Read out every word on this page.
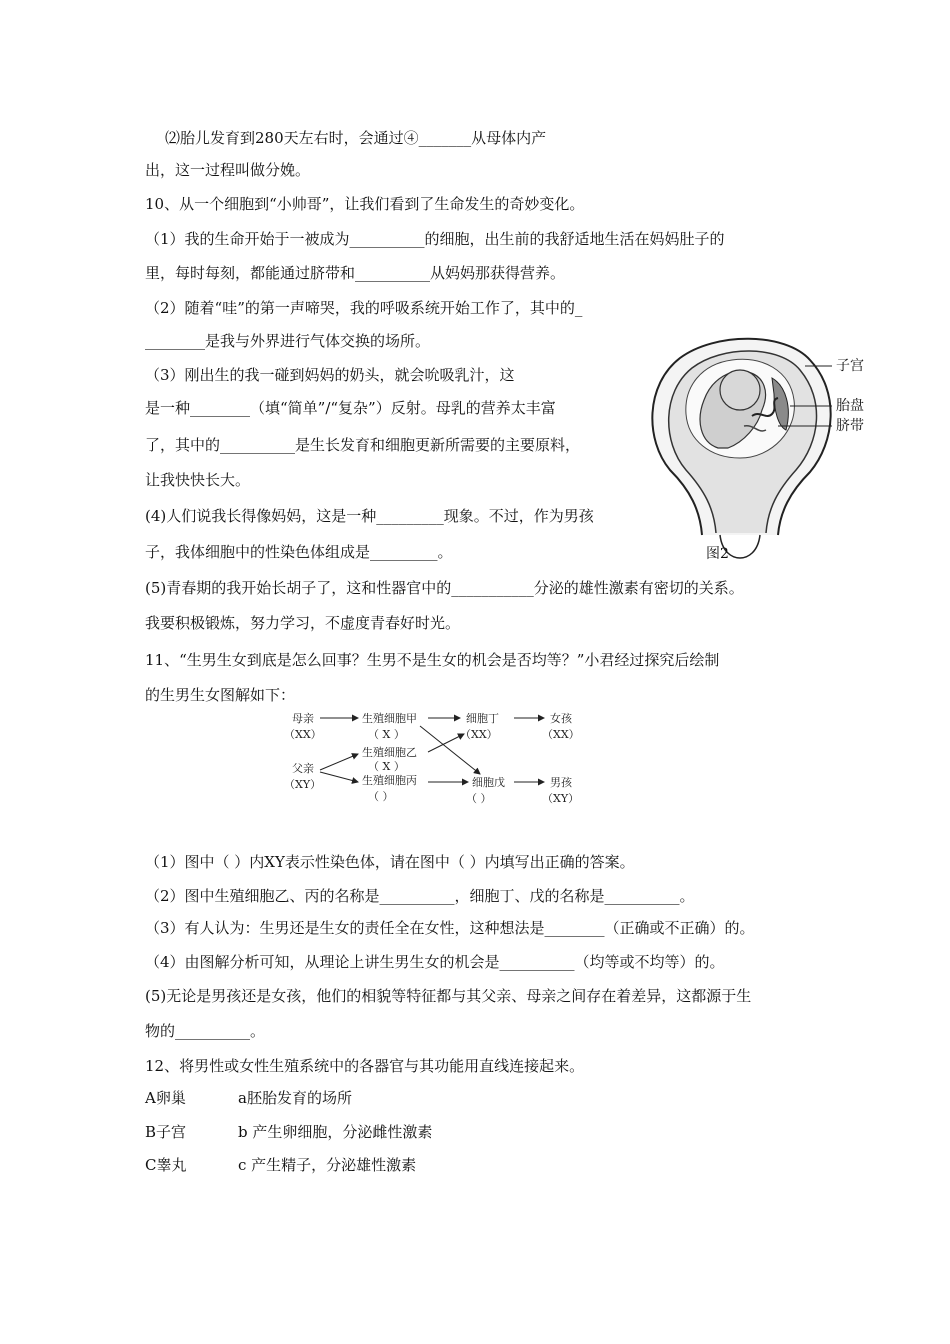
⑵胎儿发育到280天左右时，会通过④_______从母体内产
出，这一过程叫做分娩。
10、从一个细胞到“小帅哥”，让我们看到了生命发生的奇妙变化。
（1）我的生命开始于一被成为__________的细胞，出生前的我舒适地生活在妈妈肚子的
里，每时每刻，都能通过脐带和__________从妈妈那获得营养。
（2）随着“哇”的第一声啼哭，我的呼吸系统开始工作了，其中的_
________是我与外界进行气体交换的场所。
（3）刚出生的我一碰到妈妈的奶头，就会吮吸乳汁，这
是一种________（填“简单”/“复杂”）反射。母乳的营养太丰富
了，其中的__________是生长发育和细胞更新所需要的主要原料，
让我快快长大。
(4)人们说我长得像妈妈，这是一种_________现象。不过，作为男孩
子，我体细胞中的性染色体组成是_________。
(5)青春期的我开始长胡子了，这和性器官中的___________分泌的雄性激素有密切的关系。
我要积极锻炼，努力学习，不虚度青春好时光。
子宫
胎盘
脐带
图2
11、“生男生女到底是怎么回事？生男不是生女的机会是否均等？”小君经过探究后绘制
的生男生女图解如下：
母亲
（XX）
生殖细胞甲
（ X ）
细胞丁
（XX）
女孩
（XX）
生殖细胞乙
（ X ）
父亲
（XY）	生殖细胞丙
（ ）
细胞戊
（ ）
男孩
（XY）
（1）图中（ ）内XY表示性染色体，请在图中（ ）内填写出正确的答案。
（2）图中生殖细胞乙、丙的名称是__________，细胞丁、戊的名称是__________。
（3）有人认为：生男还是生女的责任全在女性，这种想法是________（正确或不正确）的。
（4）由图解分析可知，从理论上讲生男生女的机会是__________（均等或不均等）的。
(5)无论是男孩还是女孩，他们的相貌等特征都与其父亲、母亲之间存在着差异，这都源于生
物的__________。
12、将男性或女性生殖系统中的各器官与其功能用直线连接起来。
A卵巢	a胚胎发育的场所
B子宫	b 产生卵细胞，分泌雌性激素
C睾丸	c 产生精子，分泌雄性激素
